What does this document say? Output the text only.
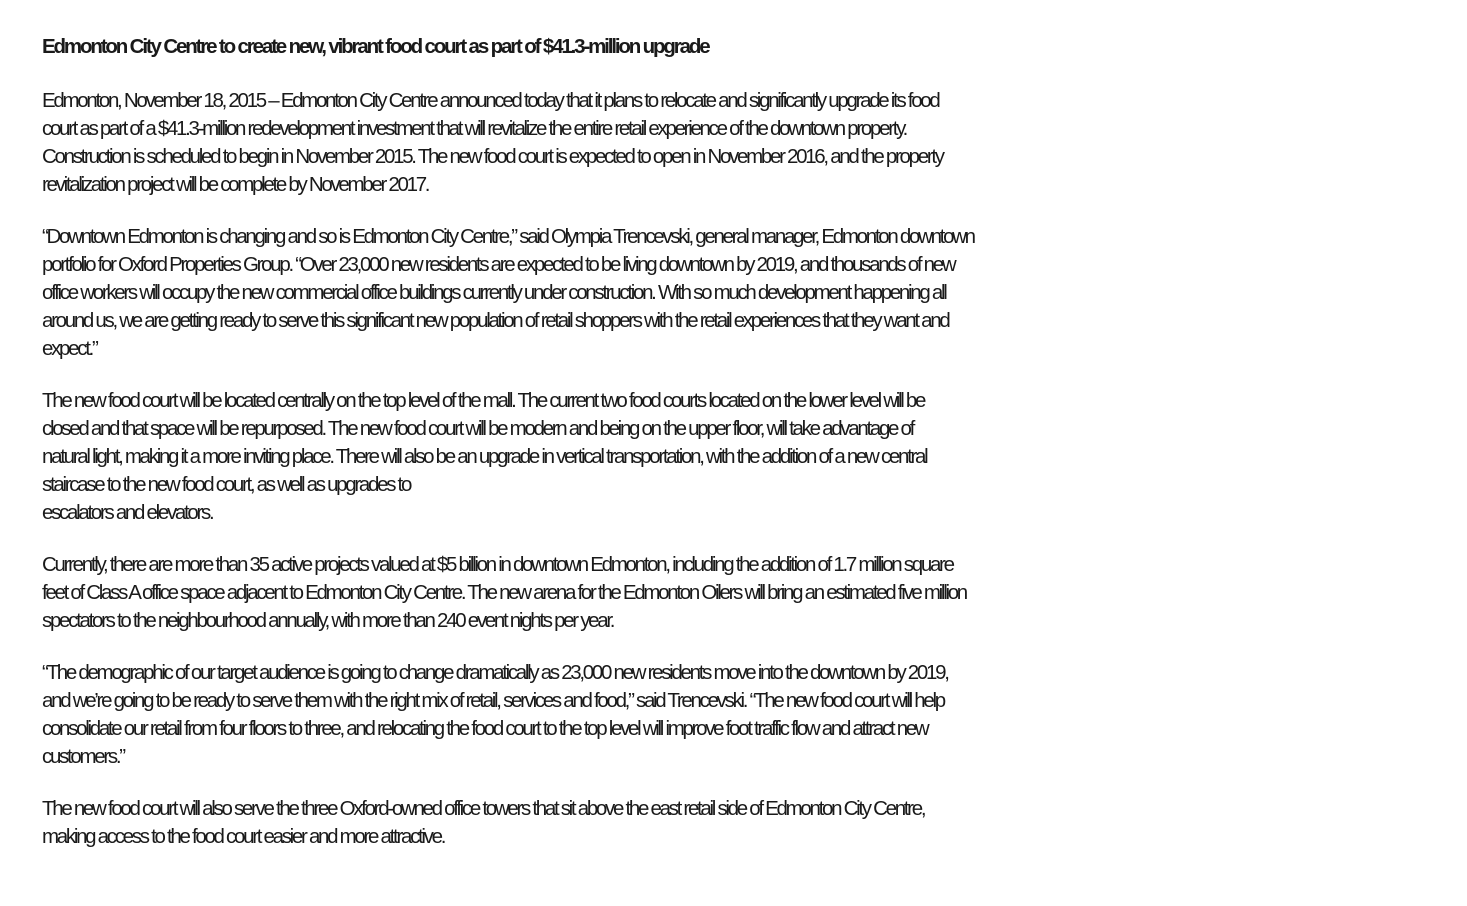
Edmonton City Centre to create new, vibrant food court as part of $41.3-million upgrade

Edmonton, November 18, 2015 – Edmonton City Centre announced today that it plans to relocate and significantly upgrade its food
court as part of a $41.3-million redevelopment investment that will revitalize the entire retail experience of the downtown property.
Construction is scheduled to begin in November 2015. The new food court is expected to open in November 2016, and the property
revitalization project will be complete by November 2017.

“Downtown Edmonton is changing and so is Edmonton City Centre,” said Olympia Trencevski, general manager, Edmonton downtown
portfolio for Oxford Properties Group. “Over 23,000 new residents are expected to be living downtown by 2019, and thousands of new
office workers will occupy the new commercial office buildings currently under construction. With so much development happening all
around us, we are getting ready to serve this significant new population of retail shoppers with the retail experiences that they want and
expect.”

The new food court will be located centrally on the top level of the mall. The current two food courts located on the lower level will be
closed and that space will be repurposed. The new food court will be modern and being on the upper floor, will take advantage of
natural light, making it a more inviting place. There will also be an upgrade in vertical transportation, with the addition of a new central
staircase to the new food court, as well as upgrades to
escalators and elevators.

Currently, there are more than 35 active projects valued at $5 billion in downtown Edmonton, including the addition of 1.7 million square
feet of Class A office space adjacent to Edmonton City Centre. The new arena for the Edmonton Oilers will bring an estimated five million
spectators to the neighbourhood annually, with more than 240 event nights per year.

“The demographic of our target audience is going to change dramatically as 23,000 new residents move into the downtown by 2019,
and we’re going to be ready to serve them with the right mix of retail, services and food,” said Trencevski. “The new food court will help
consolidate our retail from four floors to three, and relocating the food court to the top level will improve foot traffic flow and attract new
customers.”

The new food court will also serve the three Oxford-owned office towers that sit above the east retail side of Edmonton City Centre,
making access to the food court easier and more attractive.
